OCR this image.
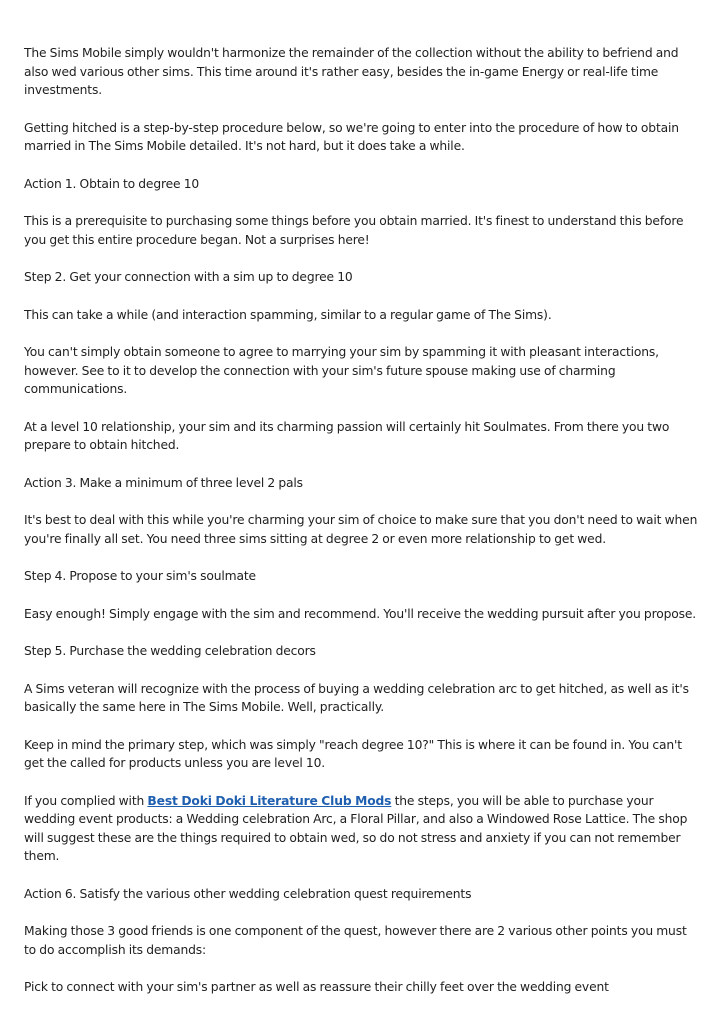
The Sims Mobile simply wouldn't harmonize the remainder of the collection without the ability to befriend and also wed various other sims. This time around it's rather easy, besides the in-game Energy or real-life time investments.

Getting hitched is a step-by-step procedure below, so we're going to enter into the procedure of how to obtain married in The Sims Mobile detailed. It's not hard, but it does take a while.

Action 1. Obtain to degree 10

This is a prerequisite to purchasing some things before you obtain married. It's finest to understand this before you get this entire procedure began. Not a surprises here!

Step 2. Get your connection with a sim up to degree 10

This can take a while (and interaction spamming, similar to a regular game of The Sims).

You can't simply obtain someone to agree to marrying your sim by spamming it with pleasant interactions, however. See to it to develop the connection with your sim's future spouse making use of charming communications.

At a level 10 relationship, your sim and its charming passion will certainly hit Soulmates. From there you two prepare to obtain hitched.

Action 3. Make a minimum of three level 2 pals

It's best to deal with this while you're charming your sim of choice to make sure that you don't need to wait when you're finally all set. You need three sims sitting at degree 2 or even more relationship to get wed.

Step 4. Propose to your sim's soulmate

Easy enough! Simply engage with the sim and recommend. You'll receive the wedding pursuit after you propose.

Step 5. Purchase the wedding celebration decors

A Sims veteran will recognize with the process of buying a wedding celebration arc to get hitched, as well as it's basically the same here in The Sims Mobile. Well, practically.

Keep in mind the primary step, which was simply "reach degree 10?" This is where it can be found in. You can't get the called for products unless you are level 10.

If you complied with Best Doki Doki Literature Club Mods the steps, you will be able to purchase your wedding event products: a Wedding celebration Arc, a Floral Pillar, and also a Windowed Rose Lattice. The shop will suggest these are the things required to obtain wed, so do not stress and anxiety if you can not remember them.

Action 6. Satisfy the various other wedding celebration quest requirements

Making those 3 good friends is one component of the quest, however there are 2 various other points you must to do accomplish its demands:

Pick to connect with your sim's partner as well as reassure their chilly feet over the wedding event
